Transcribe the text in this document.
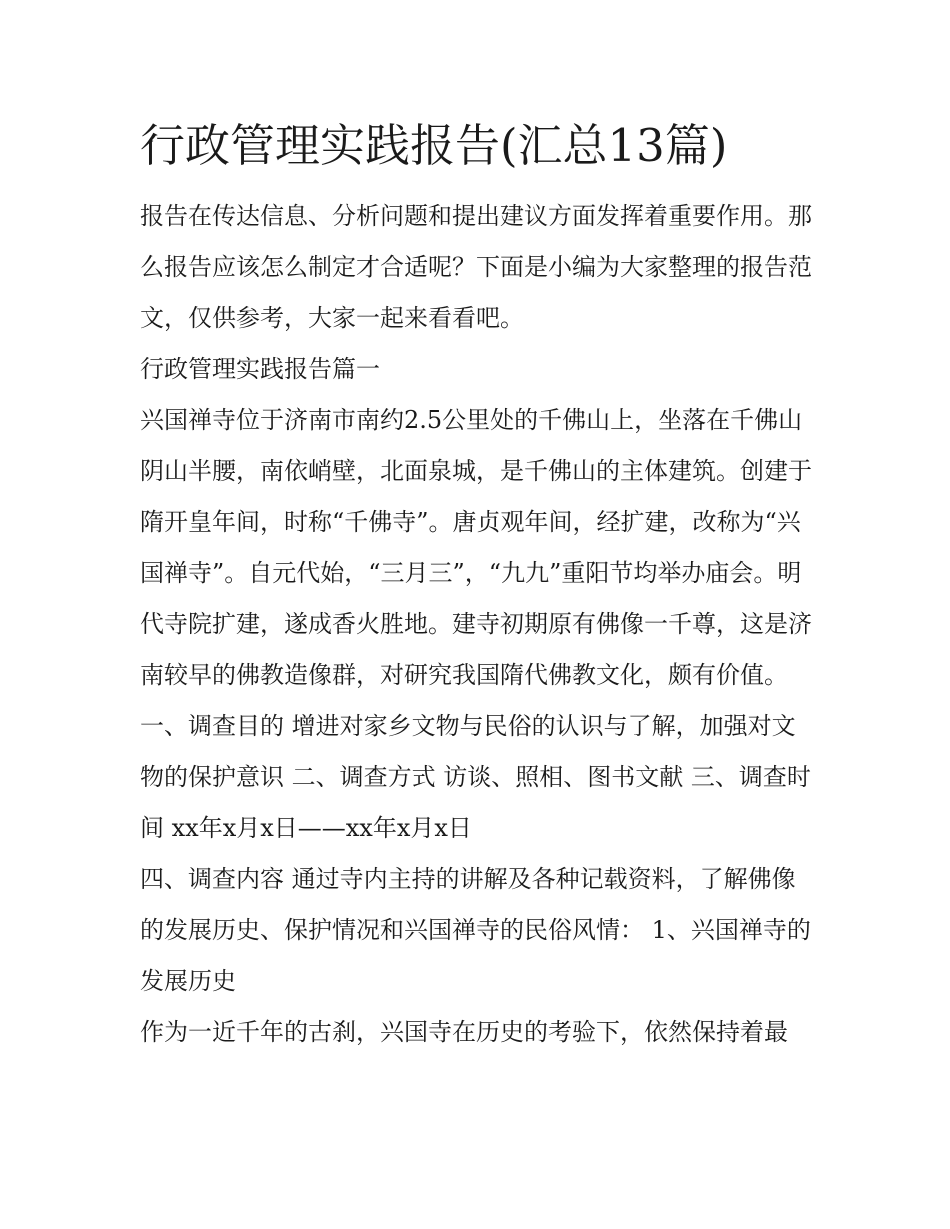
行政管理实践报告(汇总13篇)

报告在传达信息、分析问题和提出建议方面发挥着重要作用。那么报告应该怎么制定才合适呢？下面是小编为大家整理的报告范文，仅供参考，大家一起来看看吧。

行政管理实践报告篇一

兴国禅寺位于济南市南约2.5公里处的千佛山上，坐落在千佛山阴山半腰，南依峭壁，北面泉城，是千佛山的主体建筑。创建于隋开皇年间，时称“千佛寺”。唐贞观年间，经扩建，改称为“兴国禅寺”。自元代始，“三月三”，“九九”重阳节均举办庙会。明代寺院扩建，遂成香火胜地。建寺初期原有佛像一千尊，这是济南较早的佛教造像群，对研究我国隋代佛教文化，颇有价值。

一、调查目的 增进对家乡文物与民俗的认识与了解，加强对文物的保护意识 二、调查方式 访谈、照相、图书文献 三、调查时间 xx年x月x日——xx年x月x日

四、调查内容 通过寺内主持的讲解及各种记载资料，了解佛像的发展历史、保护情况和兴国禅寺的民俗风情： 1、兴国禅寺的发展历史

作为一近千年的古刹，兴国寺在历史的考验下，依然保持着最
